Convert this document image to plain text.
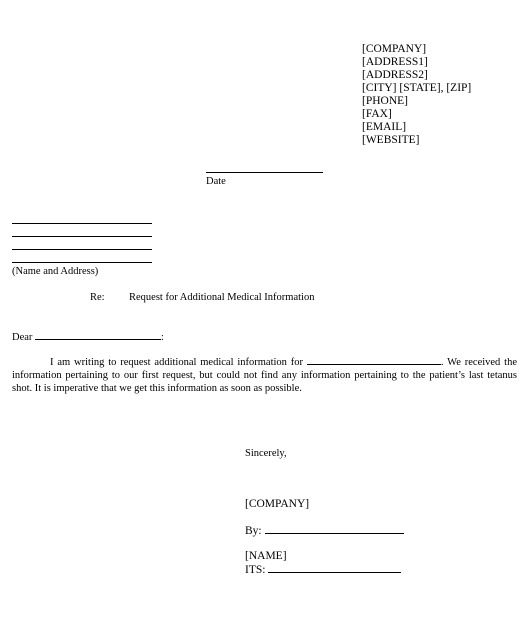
[COMPANY]
[ADDRESS1]
[ADDRESS2]
[CITY] [STATE], [ZIP]
[PHONE]
[FAX]
[EMAIL]
[WEBSITE]
Date
(Name and Address)
Re: Request for Additional Medical Information
Dear	:
I am writing to request additional medical information for	. We received the information pertaining to our first request, but could not find any information pertaining to the patient’s last tetanus shot. It is imperative that we get this information as soon as possible.
Sincerely,
[COMPANY]
By:
[NAME]
ITS:
